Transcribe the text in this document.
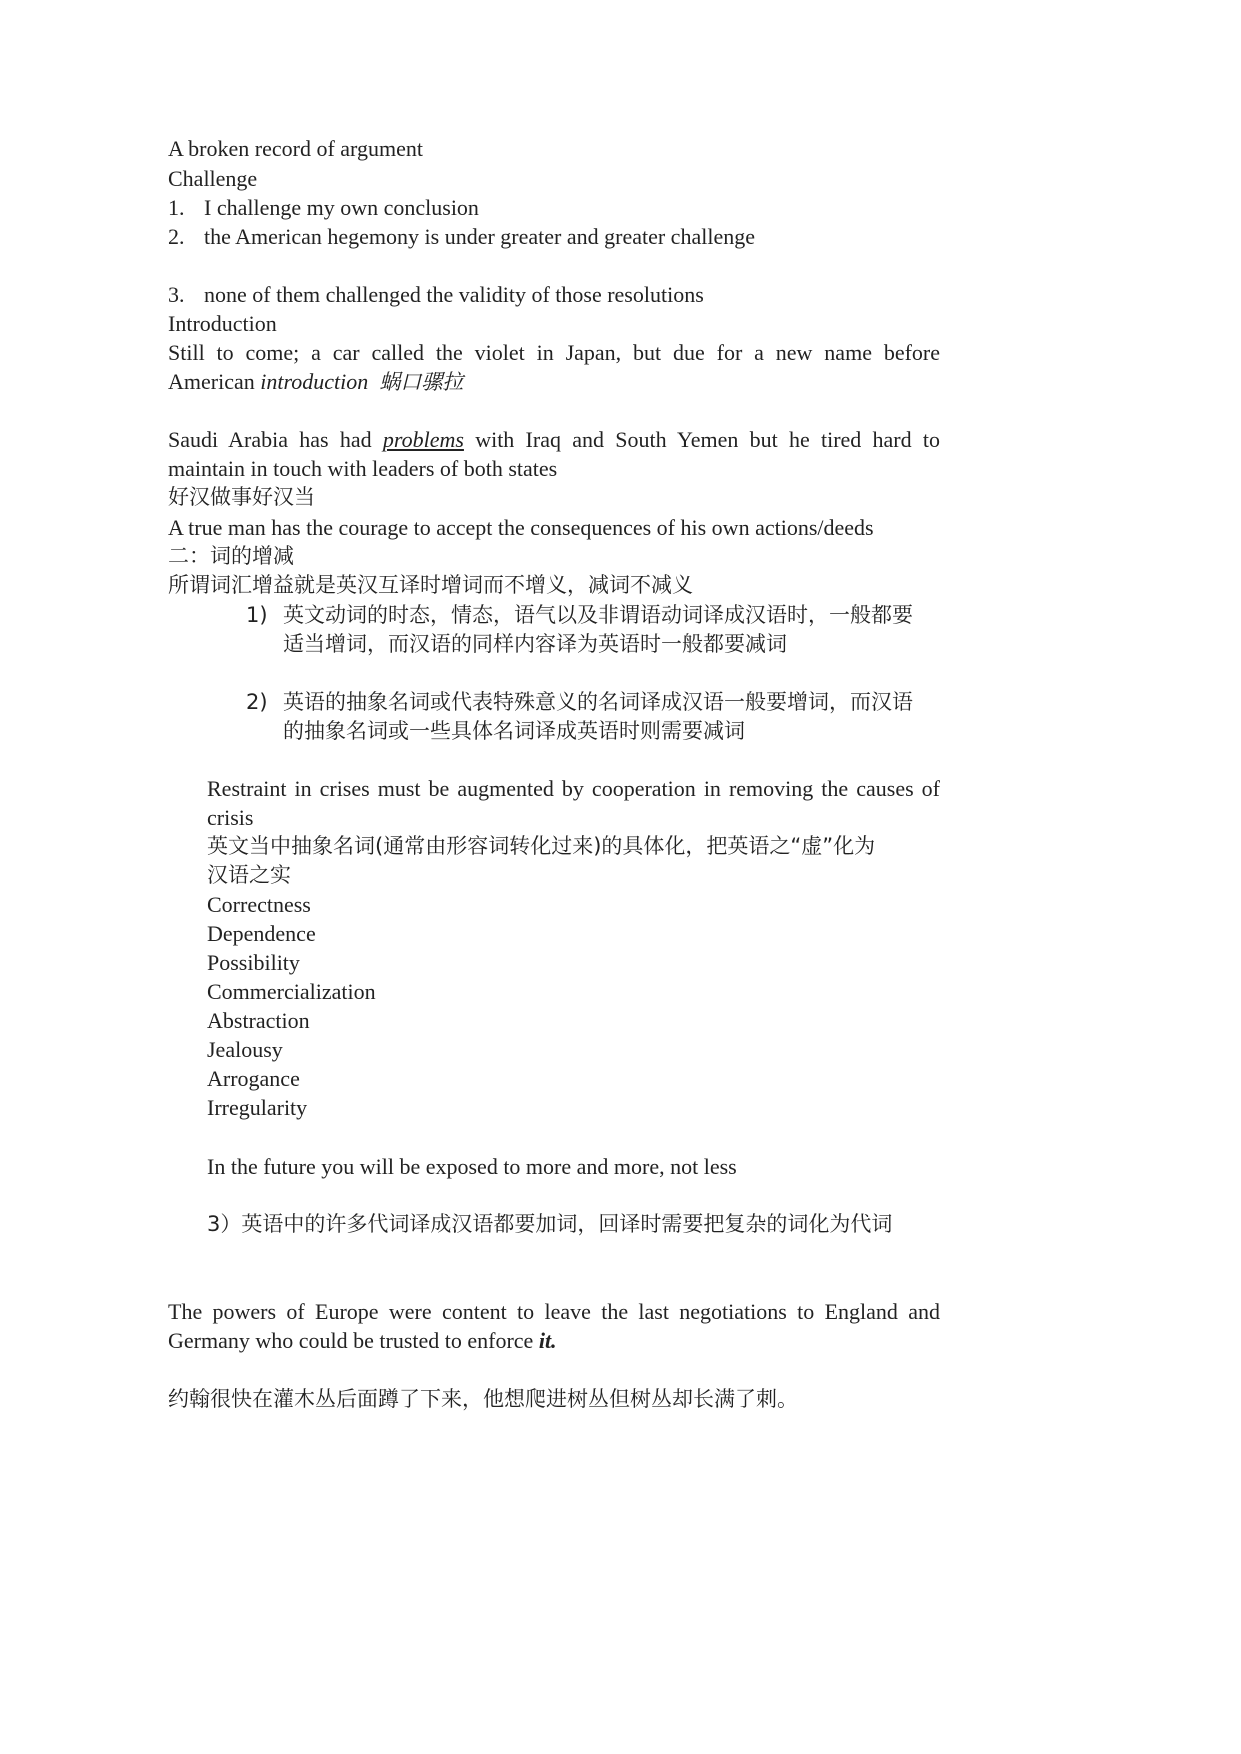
A broken record of argument

Challenge

1. I challenge my own conclusion

2. the American hegemony is under greater and greater challenge

3. none of them challenged the validity of those resolutions

Introduction

Still to come; a car called the violet in Japan, but due for a new name before

American introduction 蜗口骡拉

Saudi Arabia has had problems with Iraq and South Yemen but he tired hard to

maintain in touch with leaders of both states

好汉做事好汉当

A true man has the courage to accept the consequences of his own actions/deeds

二：词的增减

所谓词汇增益就是英汉互译时增词而不增义，减词不减义

1) 英文动词的时态，情态，语气以及非谓语动词译成汉语时，一般都要

适当增词，而汉语的同样内容译为英语时一般都要减词

2) 英语的抽象名词或代表特殊意义的名词译成汉语一般要增词，而汉语

的抽象名词或一些具体名词译成英语时则需要减词

Restraint in crises must be augmented by cooperation in removing the causes of

crisis

英文当中抽象名词(通常由形容词转化过来)的具体化，把英语之“虚”化为

汉语之实

Correctness

Dependence

Possibility

Commercialization

Abstraction

Jealousy

Arrogance

Irregularity

In the future you will be exposed to more and more, not less

3）英语中的许多代词译成汉语都要加词，回译时需要把复杂的词化为代词

The powers of Europe were content to leave the last negotiations to England and

Germany who could be trusted to enforce it.

约翰很快在灌木丛后面蹲了下来，他想爬进树丛但树丛却长满了刺。
